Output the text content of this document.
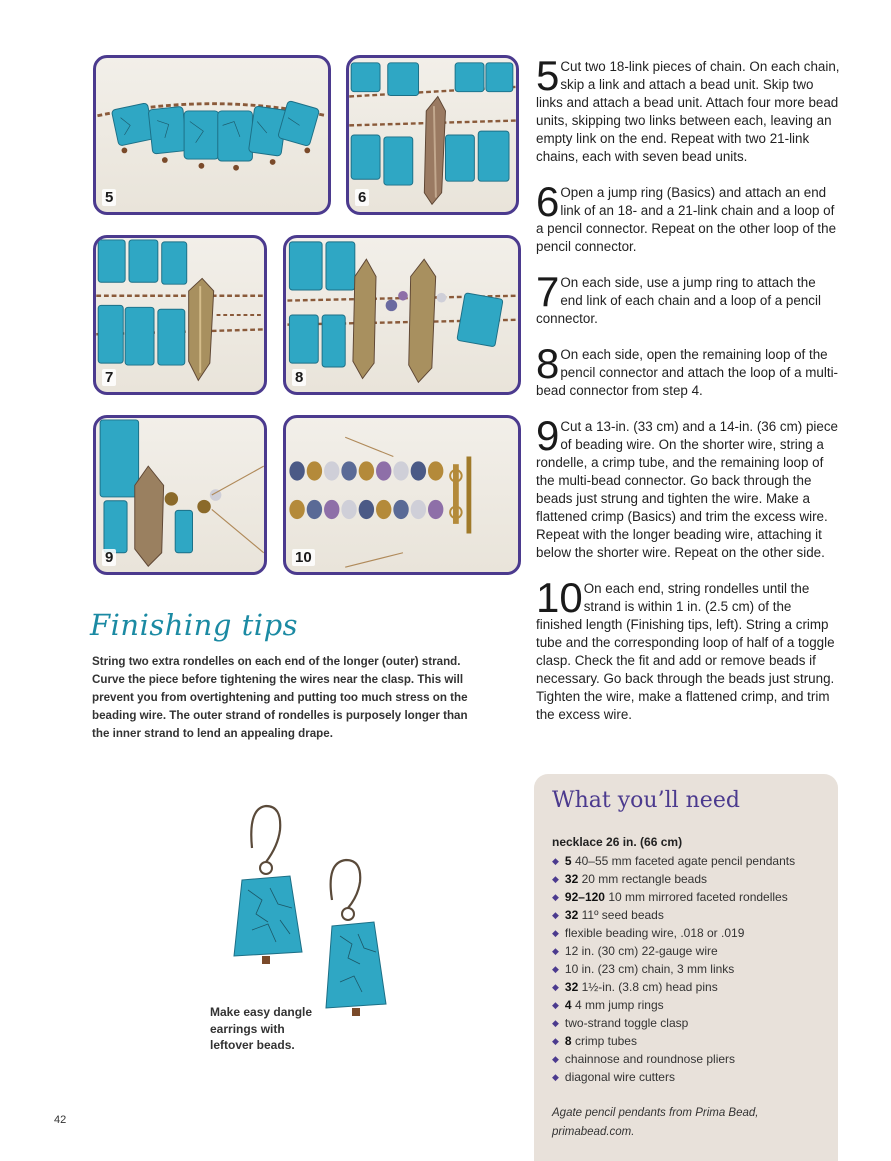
5	6
7	8
9	10
5 Cut two 18-link pieces of chain. On each chain, skip a link and attach a bead unit. Skip two links and attach a bead unit. Attach four more bead units, skipping two links between each, leaving an empty link on the end. Repeat with two 21-link chains, each with seven bead units.
6 Open a jump ring (Basics) and attach an end link of an 18- and a 21-link chain and a loop of a pencil connector. Repeat on the other loop of the pencil connector.
7 On each side, use a jump ring to attach the end link of each chain and a loop of a pencil connector.
8 On each side, open the remaining loop of the pencil connector and attach the loop of a multi-bead connector from step 4.
9 Cut a 13-in. (33 cm) and a 14-in. (36 cm) piece of beading wire. On the shorter wire, string a rondelle, a crimp tube, and the remaining loop of the multi-bead connector. Go back through the beads just strung and tighten the wire. Make a flattened crimp (Basics) and trim the excess wire. Repeat with the longer beading wire, attaching it below the shorter wire. Repeat on the other side.
10 On each end, string rondelles until the strand is within 1 in. (2.5 cm) of the finished length (Finishing tips, left). String a crimp tube and the corresponding loop of half of a toggle clasp. Check the fit and add or remove beads if necessary. Go back through the beads just strung. Tighten the wire, make a flattened crimp, and trim the excess wire.
Finishing tips
String two extra rondelles on each end of the longer (outer) strand. Curve the piece before tightening the wires near the clasp. This will prevent you from overtightening and putting too much stress on the beading wire. The outer strand of rondelles is purposely longer than the inner strand to lend an appealing drape.
Make easy dangle earrings with leftover beads.
What you’ll need
necklace 26 in. (66 cm)
◆ 5 40–55 mm faceted agate pencil pendants
◆ 32 20 mm rectangle beads
◆ 92–120 10 mm mirrored faceted rondelles
◆ 32 11º seed beads
◆ flexible beading wire, .018 or .019
◆ 12 in. (30 cm) 22-gauge wire
◆ 10 in. (23 cm) chain, 3 mm links
◆ 32 1½-in. (3.8 cm) head pins
◆ 4 4 mm jump rings
◆ two-strand toggle clasp
◆ 8 crimp tubes
◆ chainnose and roundnose pliers
◆ diagonal wire cutters
Agate pencil pendants from Prima Bead, primabead.com.
42
